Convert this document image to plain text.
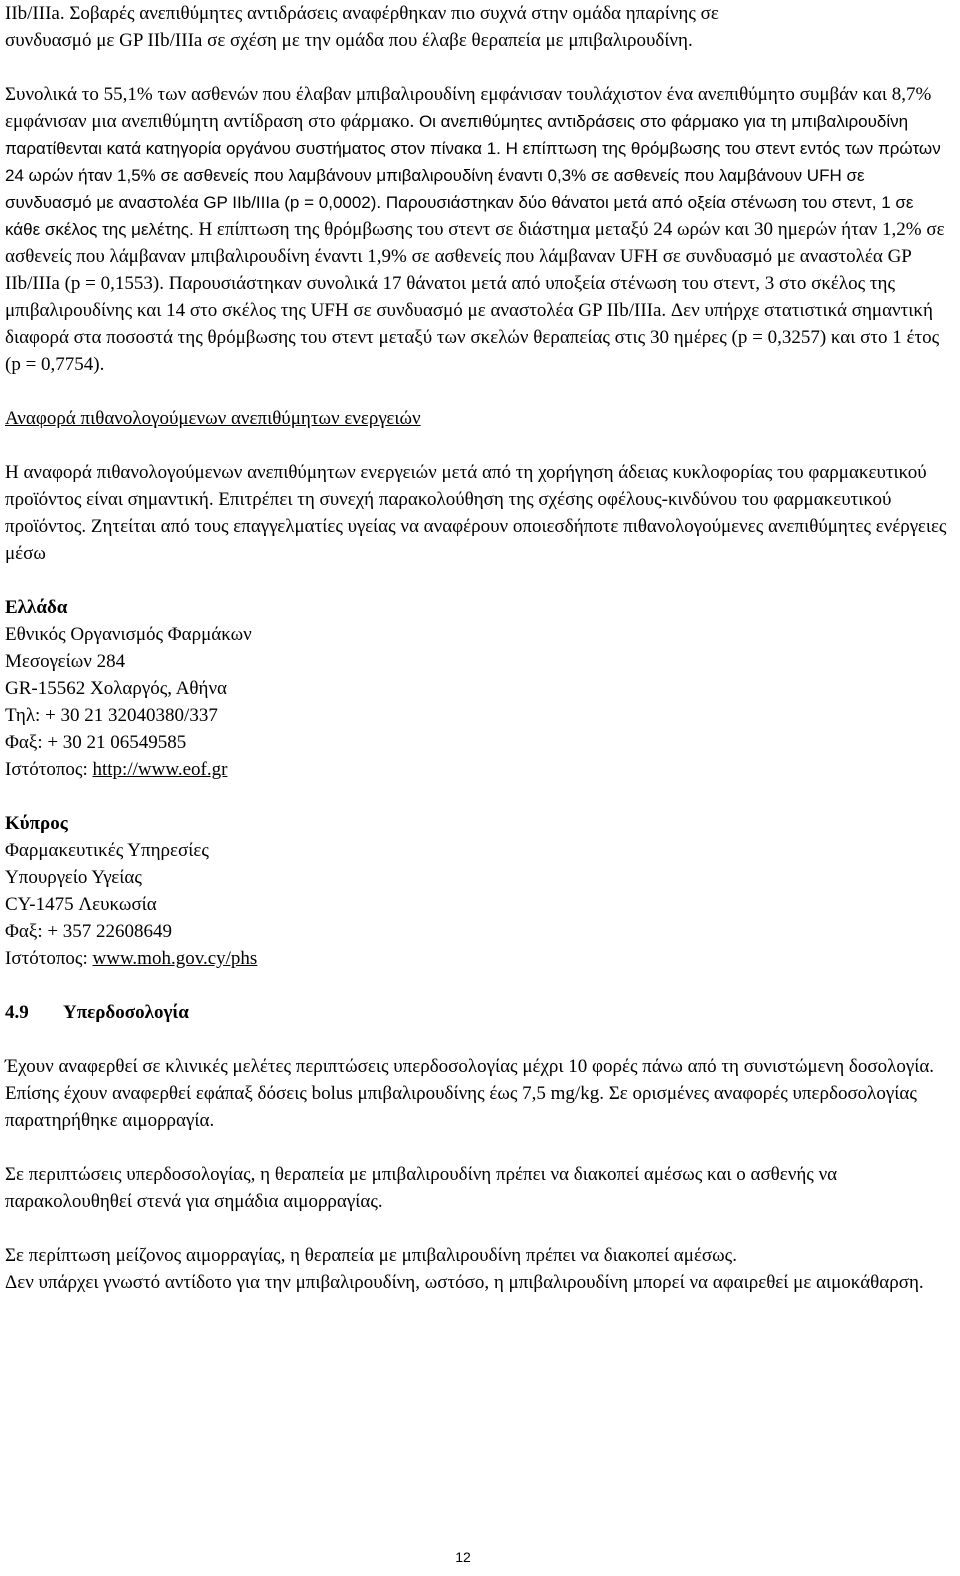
IIb/IIIa. Σοβαρές ανεπιθύμητες αντιδράσεις αναφέρθηκαν πιο συχνά στην ομάδα ηπαρίνης σε
συνδυασμό με GP IIb/IIIa σε σχέση με την ομάδα που έλαβε θεραπεία με μπιβαλιρουδίνη.

Συνολικά το 55,1% των ασθενών που έλαβαν μπιβαλιρουδίνη εμφάνισαν τουλάχιστον ένα ανεπιθύμητο συμβάν και 8,7% εμφάνισαν μια ανεπιθύμητη αντίδραση στο φάρμακο. Οι ανεπιθύμητες αντιδράσεις στο φάρμακο για τη μπιβαλιρουδίνη παρατίθενται κατά κατηγορία οργάνου συστήματος στον πίνακα 1. Η επίπτωση της θρόμβωσης του στεντ εντός των πρώτων 24 ωρών ήταν 1,5% σε ασθενείς που λαμβάνουν μπιβαλιρουδίνη έναντι 0,3% σε ασθενείς που λαμβάνουν UFH σε συνδυασμό με αναστολέα GP IIb/IIIa (p = 0,0002). Παρουσιάστηκαν δύο θάνατοι μετά από οξεία στένωση του στεντ, 1 σε κάθε σκέλος της μελέτης. Η επίπτωση της θρόμβωσης του στεντ σε διάστημα μεταξύ 24 ωρών και 30 ημερών ήταν 1,2% σε ασθενείς που λάμβαναν μπιβαλιρουδίνη έναντι 1,9% σε ασθενείς που λάμβαναν UFH σε συνδυασμό με αναστολέα GP IIb/IIIa (p = 0,1553). Παρουσιάστηκαν συνολικά 17 θάνατοι μετά από υποξεία στένωση του στεντ, 3 στο σκέλος της μπιβαλιρουδίνης και 14 στο σκέλος της UFH σε συνδυασμό με αναστολέα GP IIb/IIIa. Δεν υπήρχε στατιστικά σημαντική διαφορά στα ποσοστά της θρόμβωσης του στεντ μεταξύ των σκελών θεραπείας στις 30 ημέρες (p = 0,3257) και στο 1 έτος (p = 0,7754).

Αναφορά πιθανολογούμενων ανεπιθύμητων ενεργειών

Η αναφορά πιθανολογούμενων ανεπιθύμητων ενεργειών μετά από τη χορήγηση άδειας κυκλοφορίας του φαρμακευτικού προϊόντος είναι σημαντική. Επιτρέπει τη συνεχή παρακολούθηση της σχέσης οφέλους-κινδύνου του φαρμακευτικού προϊόντος. Ζητείται από τους επαγγελματίες υγείας να αναφέρουν οποιεσδήποτε πιθανολογούμενες ανεπιθύμητες ενέργειες μέσω

Ελλάδα

Εθνικός Οργανισμός Φαρμάκων

Μεσογείων 284

GR-15562 Χολαργός, Αθήνα

Τηλ: + 30 21 32040380/337

Φαξ: + 30 21 06549585

Ιστότοπος: http://www.eof.gr

Κύπρος

Φαρμακευτικές Υπηρεσίες

Υπουργείο Υγείας

CY-1475 Λευκωσία

Φαξ: + 357 22608649

Ιστότοπος: www.moh.gov.cy/phs

4.9	Υπερδοσολογία

Έχουν αναφερθεί σε κλινικές μελέτες περιπτώσεις υπερδοσολογίας μέχρι 10 φορές πάνω από τη συνιστώμενη δοσολογία. Επίσης έχουν αναφερθεί εφάπαξ δόσεις bolus μπιβαλιρουδίνης έως 7,5 mg/kg. Σε ορισμένες αναφορές υπερδοσολογίας παρατηρήθηκε αιμορραγία.

Σε περιπτώσεις υπερδοσολογίας, η θεραπεία με μπιβαλιρουδίνη πρέπει να διακοπεί αμέσως και ο ασθενής να παρακολουθηθεί στενά για σημάδια αιμορραγίας.

Σε περίπτωση μείζονος αιμορραγίας, η θεραπεία με μπιβαλιρουδίνη πρέπει να διακοπεί αμέσως.
Δεν υπάρχει γνωστό αντίδοτο για την μπιβαλιρουδίνη, ωστόσο, η μπιβαλιρουδίνη μπορεί να αφαιρεθεί με αιμοκάθαρση.

12
